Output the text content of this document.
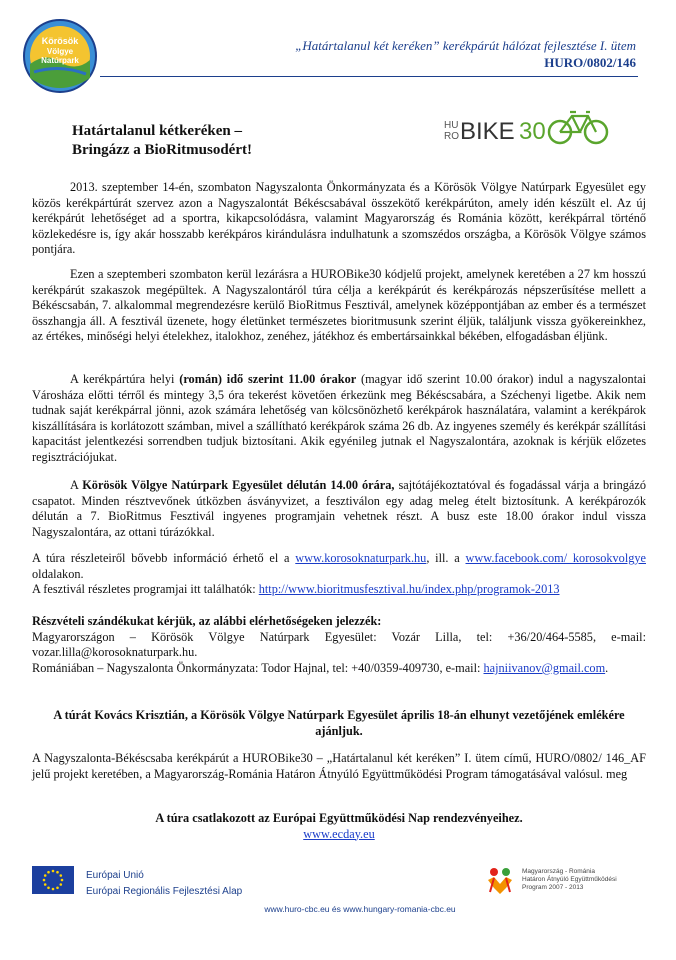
Körösök
Völgye
Natúrpark
„Határtalanul két keréken” kerékpárút hálózat fejlesztése I. ütem
HURO/0802/146
Határtalanul kétkeréken –
Bringázz a BioRitmusodért!
HU
RO BIKE 30

2013. szeptember 14-én, szombaton Nagyszalonta Önkormányzata és a Körösök Völgye Natúrpark Egyesület egy közös kerékpártúrát szervez azon a Nagyszalontát Békéscsabával összekötő kerékpárúton, amely idén készült el. Az új kerékpárút lehetőséget ad a sportra, kikapcsolódásra, valamint Magyarország és Románia között, kerékpárral történő közlekedésre is, így akár hosszabb kerékpáros kirándulásra indulhatunk a szomszédos országba, a Körösök Völgye számos pontjára.

Ezen a szeptemberi szombaton kerül lezárásra a HUROBike30 kódjelű projekt, amelynek keretében a 27 km hosszú kerékpárút szakaszok megépültek. A Nagyszalontáról túra célja a kerékpárút és kerékpározás népszerűsítése mellett a Békéscsabán, 7. alkalommal megrendezésre kerülő BioRitmus Fesztivál, amelynek középpontjában az ember és a természet összhangja áll. A fesztivál üzenete, hogy életünket természetes bioritmusunk szerint éljük, találjunk vissza gyökereinkhez, az értékes, minőségi helyi ételekhez, italokhoz, zenéhez, játékhoz és embertársainkkal békében, elfogadásban éljünk.

A kerékpártúra helyi (román) idő szerint 11.00 órakor (magyar idő szerint 10.00 órakor) indul a nagyszalontai Városháza előtti térről és mintegy 3,5 óra tekerést követően érkezünk meg Békéscsabára, a Széchenyi ligetbe. Akik nem tudnak saját kerékpárral jönni, azok számára lehetőség van kölcsönözhető kerékpárok használatára, valamint a kerékpárok kiszállítására is korlátozott számban, mivel a szállítható kerékpárok száma 26 db. Az ingyenes személy és kerékpár szállítási kapacitást jelentkezési sorrendben tudjuk biztosítani. Akik egyénileg jutnak el Nagyszalontára, azoknak is kérjük előzetes regisztrációjukat.

A Körösök Völgye Natúrpark Egyesület délután 14.00 órára, sajtótájékoztatóval és fogadással várja a bringázó csapatot. Minden résztvevőnek útközben ásványvizet, a fesztiválon egy adag meleg ételt biztosítunk. A kerékpározók délután a 7. BioRitmus Fesztivál ingyenes programjain vehetnek részt. A busz este 18.00 órakor indul vissza Nagyszalontára, az ottani túrázókkal.

A túra részleteiről bővebb információ érhető el a www.korosoknaturpark.hu, ill. a www.facebook.com/ korosokvolgye oldalakon.

A fesztivál részletes programjai itt találhatók: http://www.bioritmusfesztival.hu/index.php/programok-2013

Részvételi szándékukat kérjük, az alábbi elérhetőségeken jelezzék:

Magyarországon – Körösök Völgye Natúrpark Egyesület: Vozár Lilla, tel: +36/20/464-5585, e-mail: vozar.lilla@korosoknaturpark.hu.

Romániában – Nagyszalonta Önkormányzata: Todor Hajnal, tel: +40/0359-409730, e-mail: hajniivanov@gmail.com.

A túrát Kovács Krisztián, a Körösök Völgye Natúrpark Egyesület április 18-án elhunyt vezetőjének emlékére ajánljuk.

A Nagyszalonta-Békéscsaba kerékpárút a HUROBike30 – „Határtalanul két keréken” I. ütem című, HURO/0802/ 146_AF jelű projekt keretében, a Magyarország-Románia Határon Átnyúló Együttműködési Program támogatásával valósul. meg

A túra csatlakozott az Európai Együttműködési Nap rendezvényeihez.

www.ecday.eu

Európai Unió
Európai Regionális Fejlesztési Alap
www.huro-cbc.eu és www.hungary-romania-cbc.eu
Magyarország - Románia
Határon Átnyúló Együttműködési
Program 2007 - 2013
